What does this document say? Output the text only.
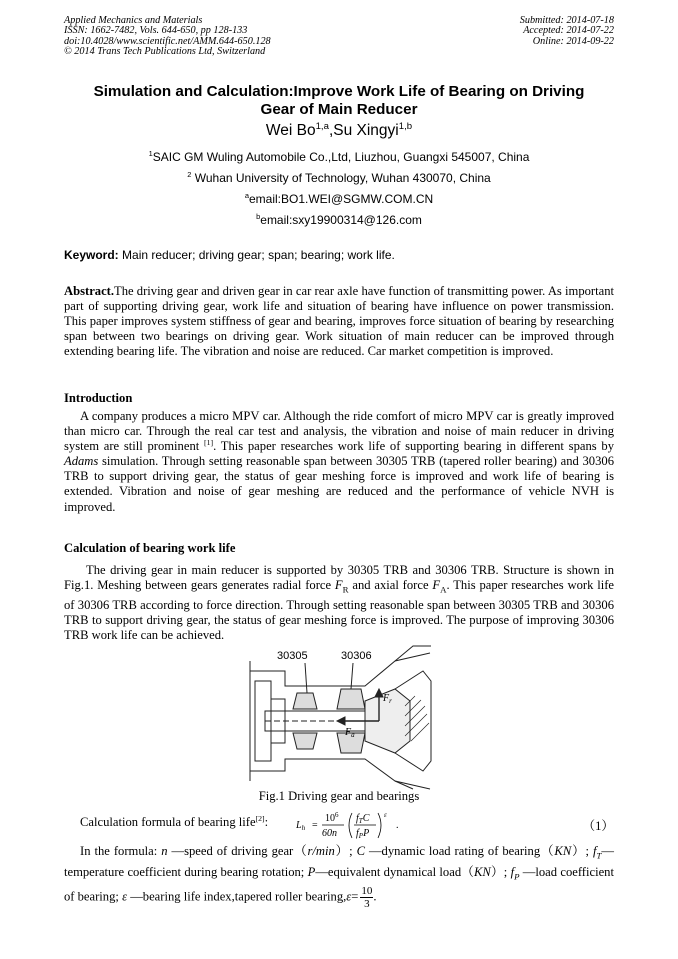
Applied Mechanics and Materials
ISSN: 1662-7482, Vols. 644-650, pp 128-133
doi:10.4028/www.scientific.net/AMM.644-650.128
© 2014 Trans Tech Publications Ltd, Switzerland
Submitted: 2014-07-18
Accepted: 2014-07-22
Online: 2014-09-22
Simulation and Calculation:Improve Work Life of Bearing on Driving
Gear of Main Reducer
Wei Bo$^{1,a}$,Su Xingyi$^{1,b}$
$^1$SAIC GM Wuling Automobile Co.,Ltd, Liuzhou, Guangxi 545007, China
$^2$ Wuhan University of Technology, Wuhan 430070, China
$^a$email:BO1.WEI@SGMW.COM.CN
$^b$email:sxy19900314@126.com
Keyword: Main reducer; driving gear; span; bearing; work life.
Abstract.The driving gear and driven gear in car rear axle have function of transmitting power. As important part of supporting driving gear, work life and situation of bearing have influence on power transmission. This paper improves system stiffness of gear and bearing, improves force situation of bearing by researching span between two bearings on driving gear. Work situation of main reducer can be improved through extending bearing life. The vibration and noise are reduced. Car market competition is improved.
Introduction
A company produces a micro MPV car. Although the ride comfort of micro MPV car is greatly improved than micro car. Through the real car test and analysis, the vibration and noise of main reducer in driving system are still prominent [1]. This paper researches work life of supporting bearing in different spans by Adams simulation. Through setting reasonable span between 30305 TRB (tapered roller bearing) and 30306 TRB to support driving gear, the status of gear meshing force is improved and work life of bearing is extended. Vibration and noise of gear meshing are reduced and the performance of vehicle NVH is improved.
Calculation of bearing work life
The driving gear in main reducer is supported by 30305 TRB and 30306 TRB. Structure is shown in Fig.1. Meshing between gears generates radial force $F_R$ and axial force $F_A$. This paper researches work life of 30306 TRB according to force direction. Through setting reasonable span between 30305 TRB and 30306 TRB to support driving gear, the status of gear meshing force is improved. The purpose of improving 30306 TRB work life can be achieved.
30305	30306
$F_r$
$F_a$
Fig.1 Driving gear and bearings
Calculation formula of bearing life[2]:	$L_h$ =
$10^6$
60n
$f_TC$
$f_PP$
ε
.	（1）
In the formula: n —speed of driving gear（r/min）; C —dynamic load rating of bearing（KN）; $f_T—temperature$ coefficient during bearing rotation; P—equivalent dynamical load（KN）; $f_P$ —load coefficient of bearing; ε —bearing life index,tapered roller bearing,ε= $\frac{10}{3}$ .
